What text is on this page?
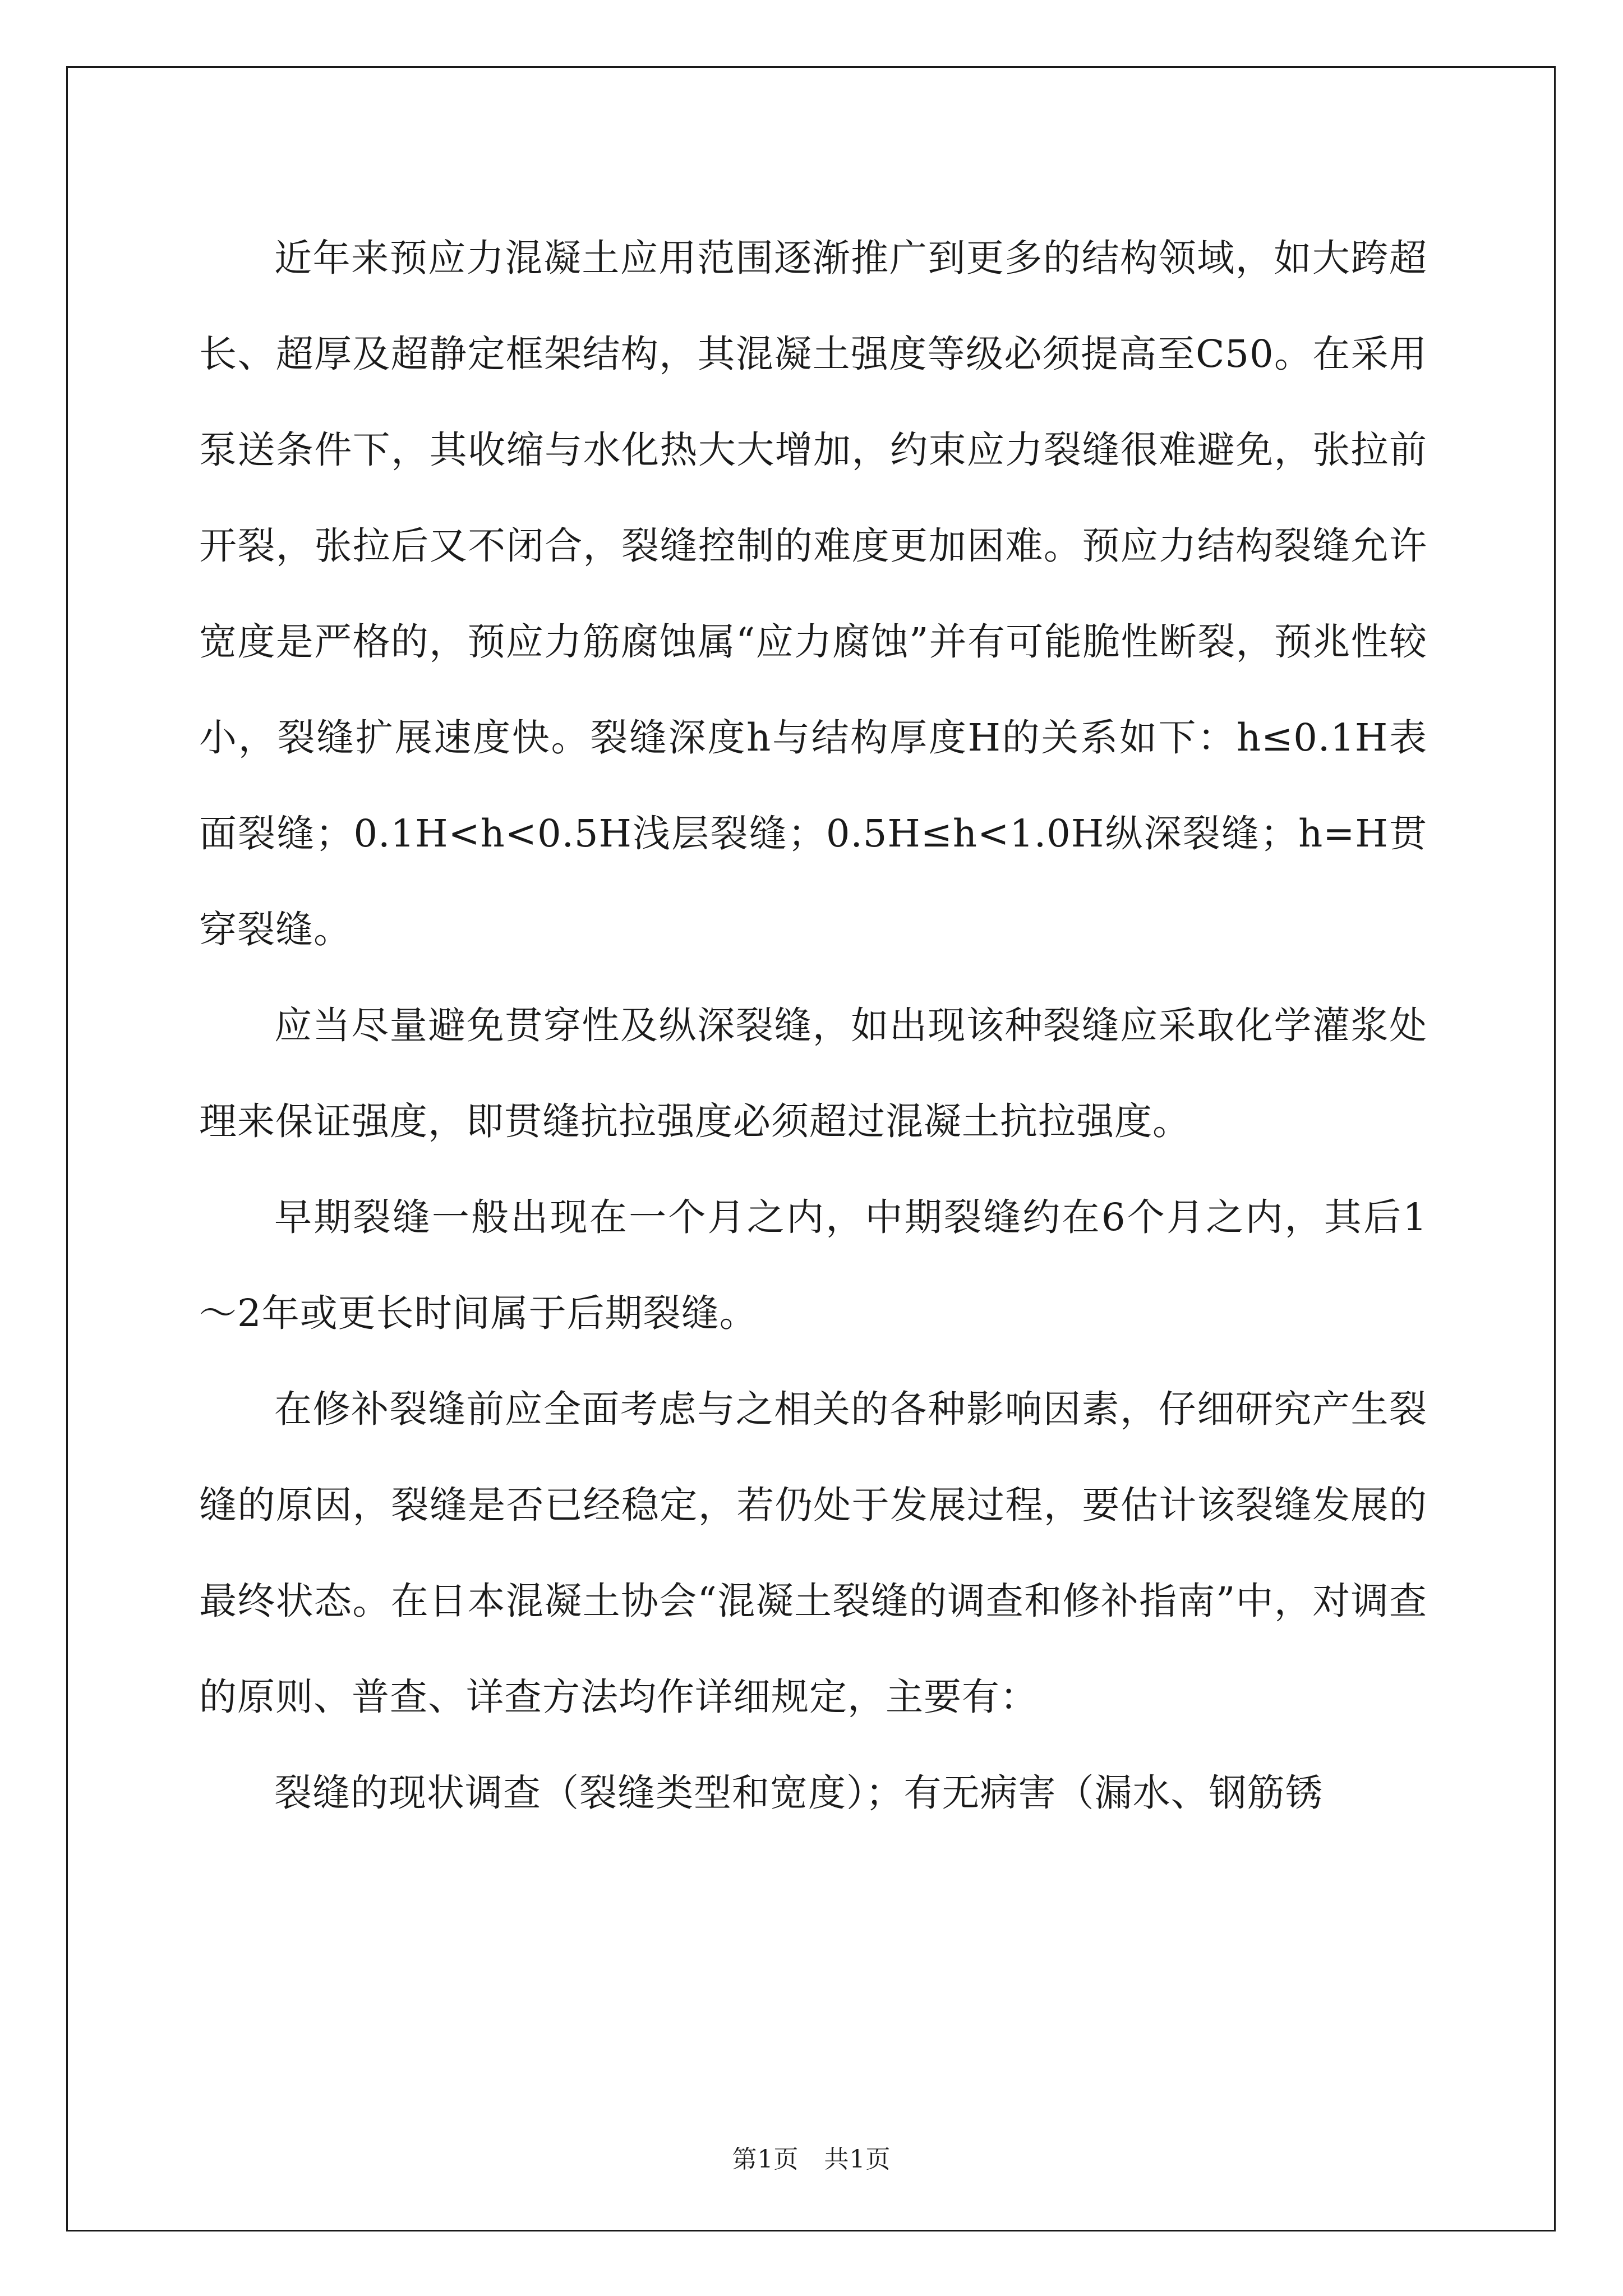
近年来预应力混凝土应用范围逐渐推广到更多的结构领域，如大跨超长、超厚及超静定框架结构，其混凝土强度等级必须提高至C50。在采用泵送条件下，其收缩与水化热大大增加，约束应力裂缝很难避免，张拉前开裂，张拉后又不闭合，裂缝控制的难度更加困难。预应力结构裂缝允许宽度是严格的，预应力筋腐蚀属“应力腐蚀”并有可能脆性断裂，预兆性较小，裂缝扩展速度快。裂缝深度h与结构厚度H的关系如下：h≤0.1H表面裂缝；0.1H<h<0.5H浅层裂缝；0.5H≤h<1.0H纵深裂缝；h=H贯穿裂缝。

应当尽量避免贯穿性及纵深裂缝，如出现该种裂缝应采取化学灌浆处理来保证强度，即贯缝抗拉强度必须超过混凝土抗拉强度。

早期裂缝一般出现在一个月之内，中期裂缝约在6个月之内，其后1～2年或更长时间属于后期裂缝。

在修补裂缝前应全面考虑与之相关的各种影响因素，仔细研究产生裂缝的原因，裂缝是否已经稳定，若仍处于发展过程，要估计该裂缝发展的最终状态。在日本混凝土协会“混凝土裂缝的调查和修补指南”中，对调查的原则、普查、详查方法均作详细规定，主要有：

裂缝的现状调查（裂缝类型和宽度）；有无病害（漏水、钢筋锈

第1页 共1页
